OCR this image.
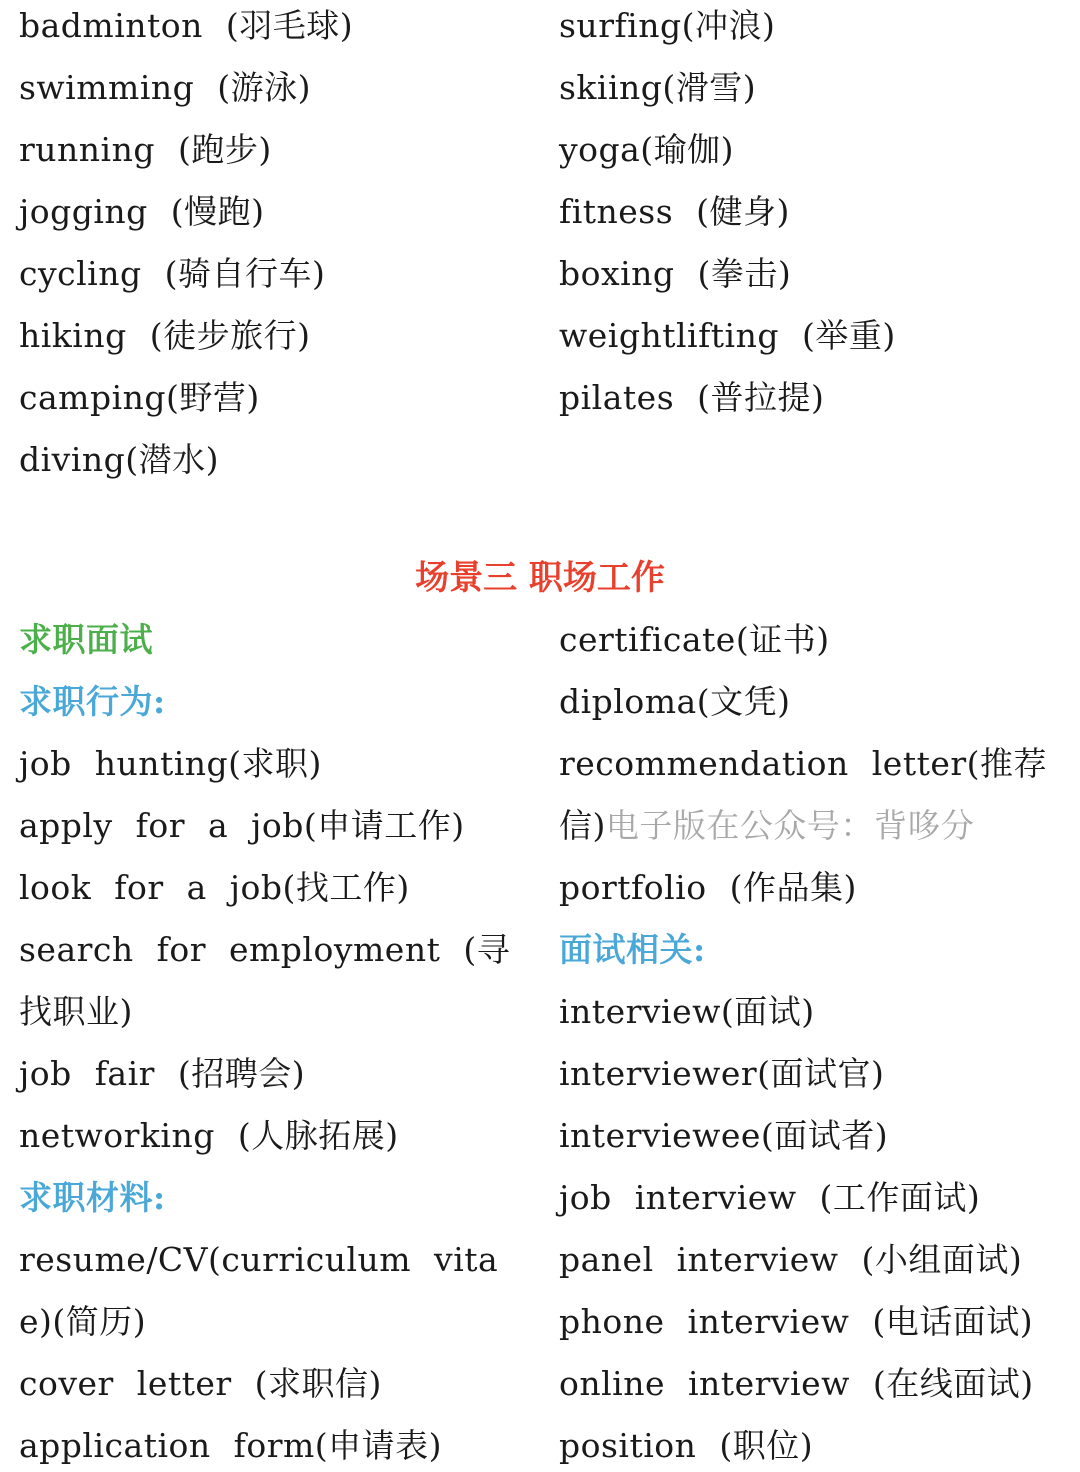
badminton (羽毛球)
swimming (游泳)
running (跑步)
jogging (慢跑)
cycling (骑自行车)
hiking (徒步旅行)
camping(野营)
diving(潜水)
surfing(冲浪)
skiing(滑雪)
yoga(瑜伽)
fitness (健身)
boxing (拳击)
weightlifting (举重)
pilates (普拉提)
场景三 职场工作
求职面试
求职行为:
job hunting(求职)
apply for a job(申请工作)
look for a job(找工作)
search for employment (寻
找职业)
job fair (招聘会)
networking (人脉拓展)
求职材料:
resume/CV(curriculum vita
e)(简历)
cover letter (求职信)
application form(申请表)
certificate(证书)
diploma(文凭)
recommendation letter(推荐
信)电子版在公众号：背哆分
portfolio (作品集)
面试相关:
interview(面试)
interviewer(面试官)
interviewee(面试者)
job interview (工作面试)
panel interview (小组面试)
phone interview (电话面试)
online interview (在线面试)
position (职位)
